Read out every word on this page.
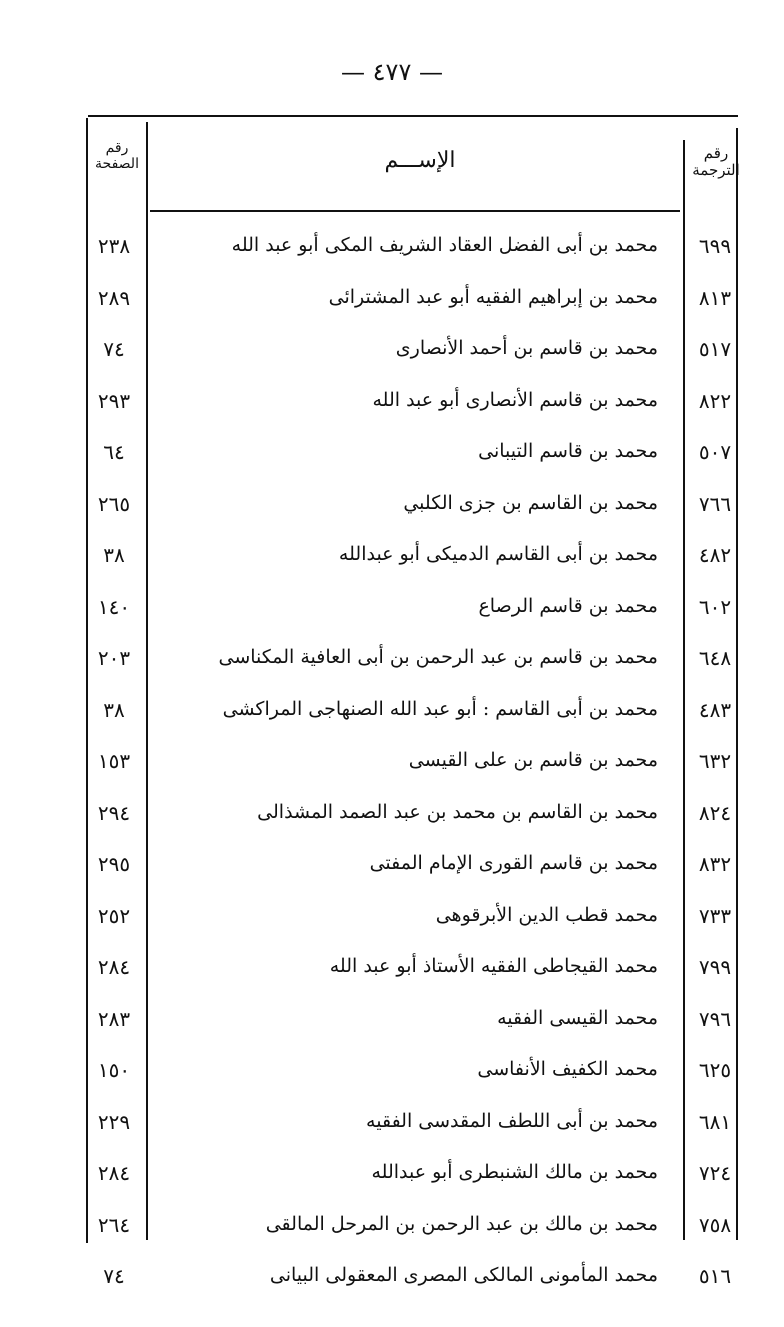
— ٤٧٧ —
رقم الترجمة
الإســـم
رقم الصفحة
٦٩٩
محمد بن أبى الفضل العقاد الشريف المكى أبو عبد الله
٢٣٨
٨١٣
محمد بن إبراهيم الفقيه أبو عبد المشترائى
٢٨٩
٥١٧
محمد بن قاسم بن أحمد الأنصارى
٧٤
٨٢٢
محمد بن قاسم الأنصارى أبو عبد الله
٢٩٣
٥٠٧
محمد بن قاسم التيبانى
٦٤
٧٦٦
محمد بن القاسم بن جزى الكلبي
٢٦٥
٤٨٢
محمد بن أبى القاسم الدميكى أبو عبدالله
٣٨
٦٠٢
محمد بن قاسم الرصاع
١٤٠
٦٤٨
محمد بن قاسم بن عبد الرحمن بن أبى العافية المكناسى
٢٠٣
٤٨٣
محمد بن أبى القاسم : أبو عبد الله الصنهاجى المراكشى
٣٨
٦٣٢
محمد بن قاسم بن على القيسى
١٥٣
٨٢٤
محمد بن القاسم بن محمد بن عبد الصمد المشذالى
٢٩٤
٨٣٢
محمد بن قاسم القورى الإمام المفتى
٢٩٥
٧٣٣
محمد قطب الدين الأبرقوهى
٢٥٢
٧٩٩
محمد القيجاطى الفقيه الأستاذ أبو عبد الله
٢٨٤
٧٩٦
محمد القيسى الفقيه
٢٨٣
٦٢٥
محمد الكفيف الأنفاسى
١٥٠
٦٨١
محمد بن أبى اللطف المقدسى الفقيه
٢٢٩
٧٢٤
محمد بن مالك الشنبطرى أبو عبدالله
٢٨٤
٧٥٨
محمد بن مالك بن عبد الرحمن بن المرحل المالقى
٢٦٤
٥١٦
محمد المأمونى المالكى المصرى المعقولى البيانى
٧٤
